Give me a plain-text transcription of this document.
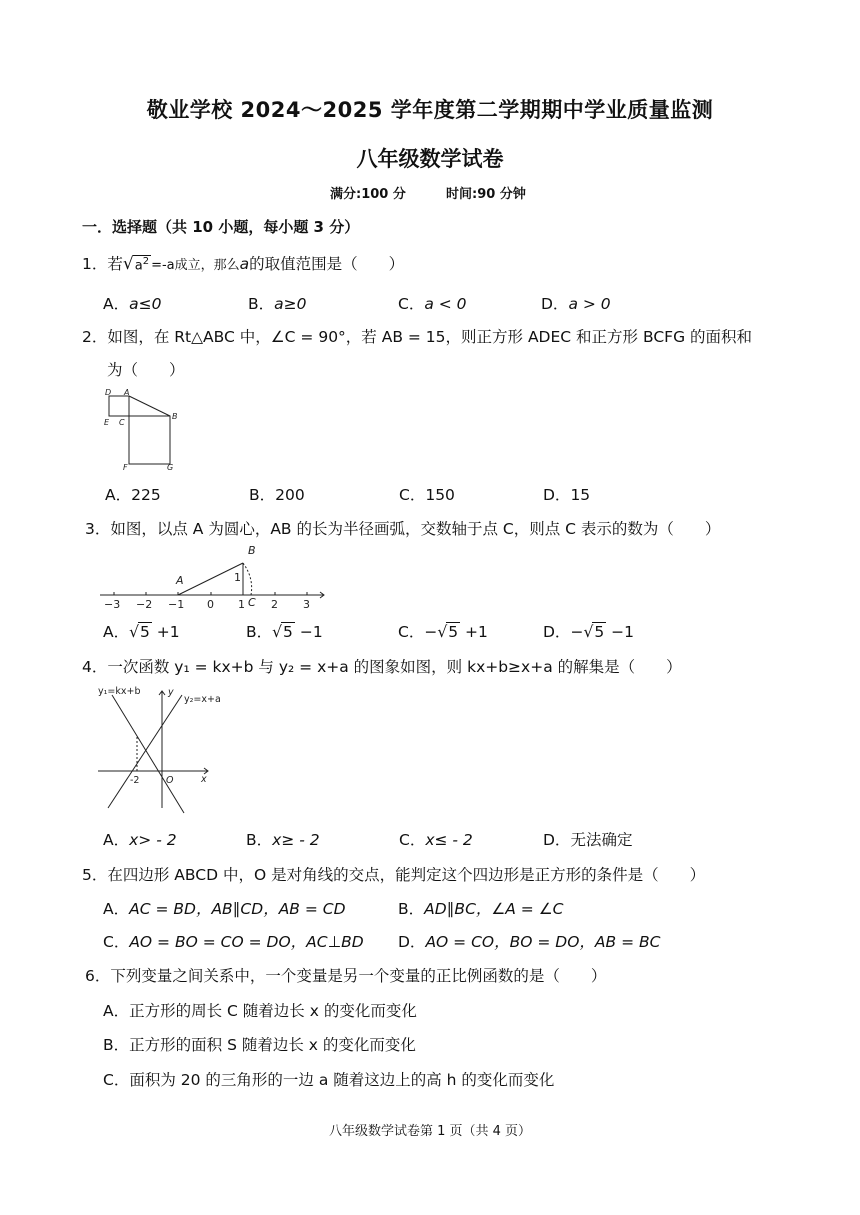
敬业学校 2024～2025 学年度第二学期期中学业质量监测
八年级数学试卷
满分:100 分	时间:90 分钟
一．选择题（共 10 小题，每小题 3 分）
1．若$√a^2 =-a$成立，那么a的取值范围是（　　）
A．a≤0	B．a≥0	C．a < 0	D．a > 0
2．如图，在 Rt△ABC 中，∠C = 90°，若 AB = 15，则正方形 ADEC 和正方形 BCFG 的面积和
为（　　）
D A
B
E C
F	G
A．225	B．200	C．150	D．15
3．如图，以点 A 为圆心，AB 的长为半径画弧，交数轴于点 C，则点 C 表示的数为（　　）
B
A	1
C
−3 −2 −1 0 1 2 3
A．√5 +1	B．√5 −1	C．−√5 +1	D．−√5 −1
4．一次函数 y₁ = kx+b 与 y₂ = x+a 的图象如图，则 kx+b≥x+a 的解集是（　　）
y₁=kx+b	y
y₂=x+a
-2	O	x
A．x> - 2	B．x≥ - 2	C．x≤ - 2	D．无法确定
5．在四边形 ABCD 中，O 是对角线的交点，能判定这个四边形是正方形的条件是（　　）
A．AC = BD，AB∥CD，AB = CD	B．AD∥BC，∠A = ∠C
C．AO = BO = CO = DO，AC⊥BD D．AO = CO，BO = DO，AB = BC
6．下列变量之间关系中，一个变量是另一个变量的正比例函数的是（　　）
A．正方形的周长 C 随着边长 x 的变化而变化
B．正方形的面积 S 随着边长 x 的变化而变化
C．面积为 20 的三角形的一边 a 随着这边上的高 h 的变化而变化
八年级数学试卷第 1 页（共 4 页）
